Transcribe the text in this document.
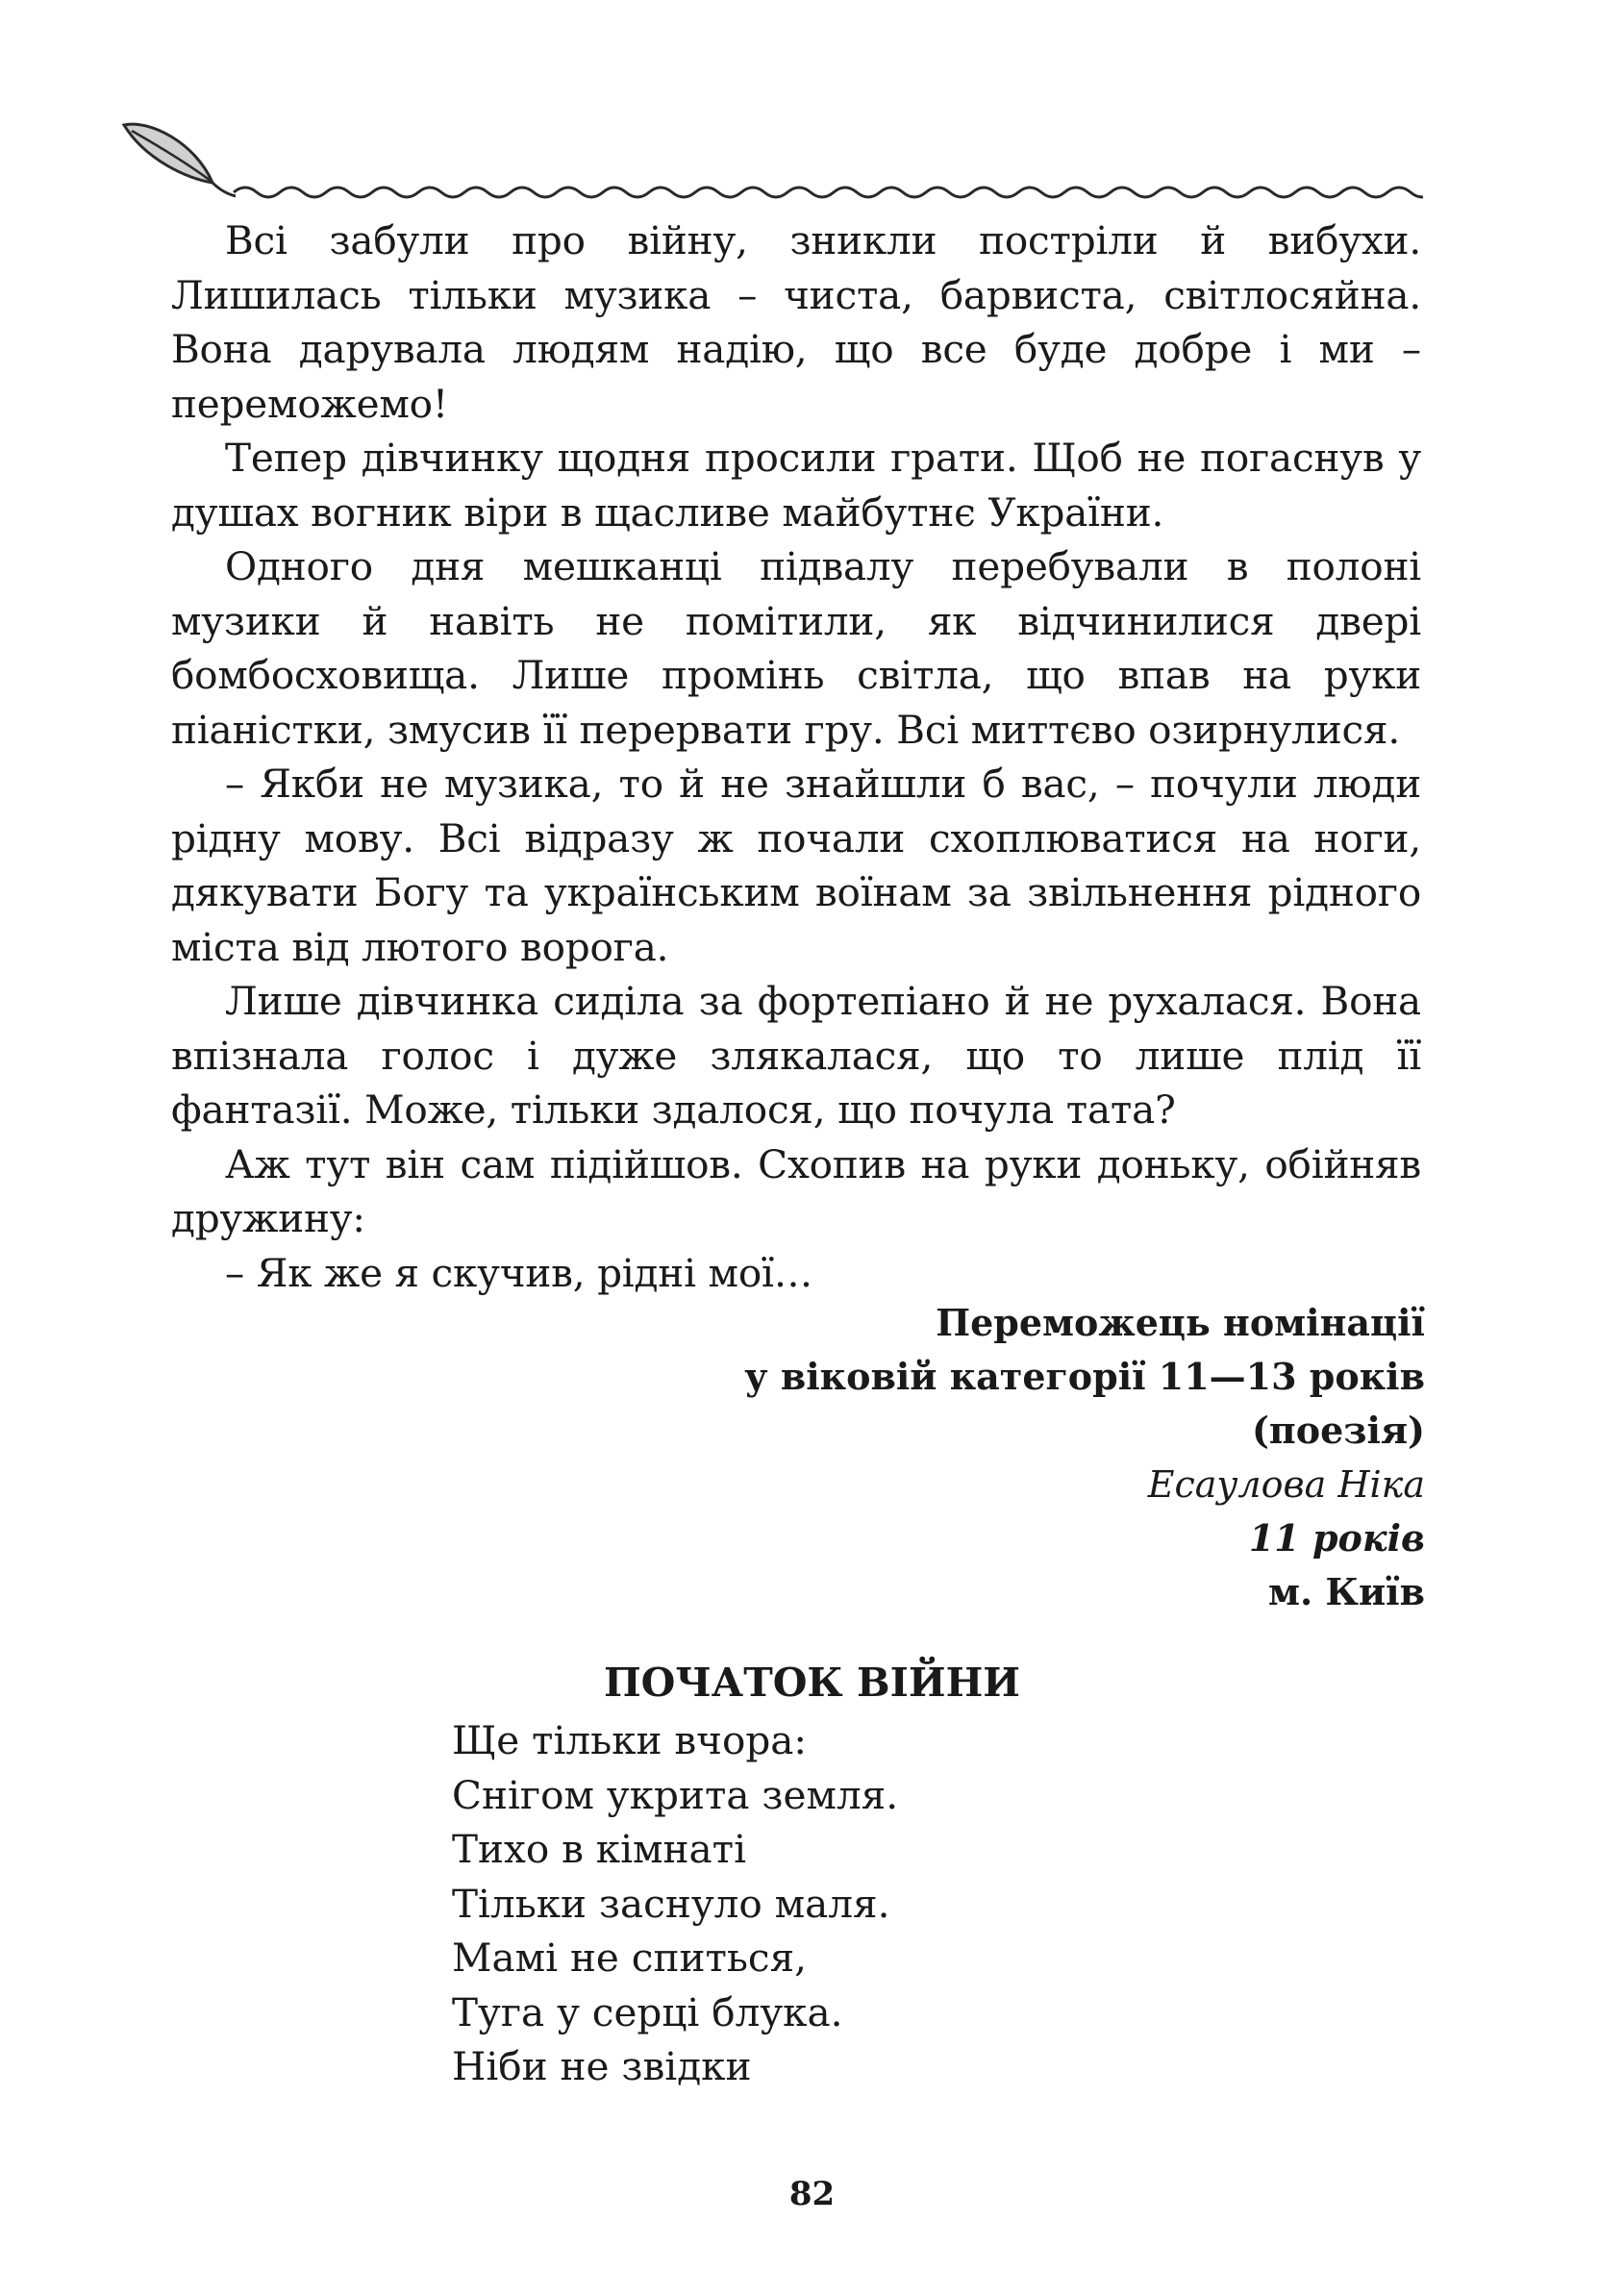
Всі забули про війну, зникли постріли й вибухи. Лишилась тільки музика – чиста, барвиста, світлосяйна. Вона дарувала людям надію, що все буде добре і ми – переможемо!

Тепер дівчинку щодня просили грати. Щоб не погаснув у душах вогник віри в щасливе майбутнє України.

Одного дня мешканці підвалу перебували в полоні музики й навіть не помітили, як відчинилися двері бомбосховища. Лише промінь світла, що впав на руки піаністки, змусив її перервати гру. Всі миттєво озирнулися.

– Якби не музика, то й не знайшли б вас, – почули люди рідну мову. Всі відразу ж почали схоплюватися на ноги, дякувати Богу та українським воїнам за звільнення рідного міста від лютого ворога.

Лише дівчинка сиділа за фортепіано й не рухалася. Вона впізнала голос і дуже злякалася, що то лише плід її фантазії. Може, тільки здалося, що почула тата?

Аж тут він сам підійшов. Схопив на руки доньку, обійняв дружину:

– Як же я скучив, рідні мої…

Переможець номінації
у віковій категорії 11—13 років
(поезія)
Есаулова Ніка
11 років
м. Київ
ПОЧАТОК ВІЙНИ
Ще тільки вчора:
Снігом укрита земля.
Тихо в кімнаті
Тільки заснуло маля.
Мамі не спиться,
Туга у серці блука.
Ніби не звідки
82
